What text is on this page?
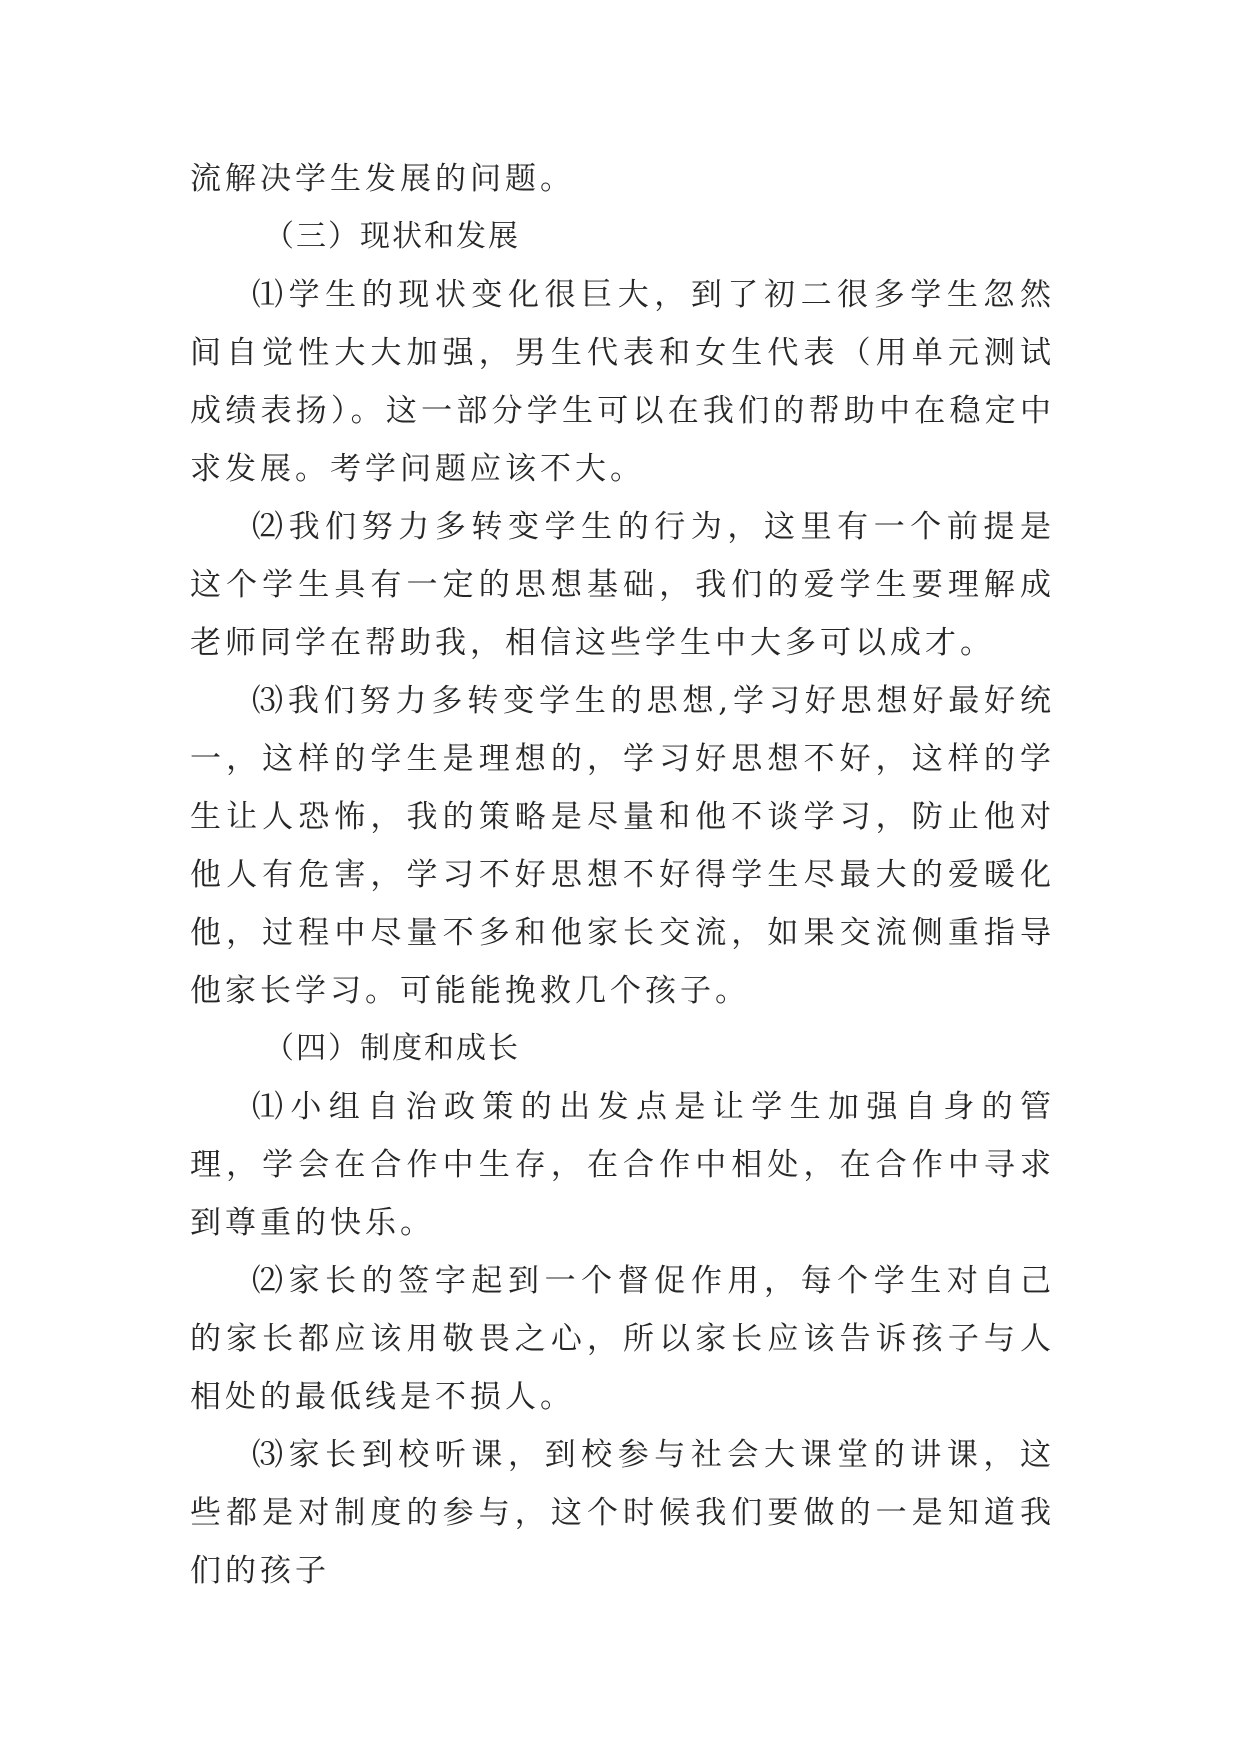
流解决学生发展的问题。

（三）现状和发展

⑴学生的现状变化很巨大，到了初二很多学生忽然间自觉性大大加强，男生代表和女生代表（用单元测试成绩表扬）。这一部分学生可以在我们的帮助中在稳定中求发展。考学问题应该不大。

⑵我们努力多转变学生的行为，这里有一个前提是这个学生具有一定的思想基础，我们的爱学生要理解成老师同学在帮助我，相信这些学生中大多可以成才。

⑶我们努力多转变学生的思想,学习好思想好最好统一，这样的学生是理想的，学习好思想不好，这样的学生让人恐怖，我的策略是尽量和他不谈学习，防止他对他人有危害，学习不好思想不好得学生尽最大的爱暖化他，过程中尽量不多和他家长交流，如果交流侧重指导他家长学习。可能能挽救几个孩子。

（四）制度和成长

⑴小组自治政策的出发点是让学生加强自身的管理，学会在合作中生存，在合作中相处，在合作中寻求到尊重的快乐。

⑵家长的签字起到一个督促作用，每个学生对自己的家长都应该用敬畏之心，所以家长应该告诉孩子与人相处的最低线是不损人。

⑶家长到校听课，到校参与社会大课堂的讲课，这些都是对制度的参与，这个时候我们要做的一是知道我们的孩子
